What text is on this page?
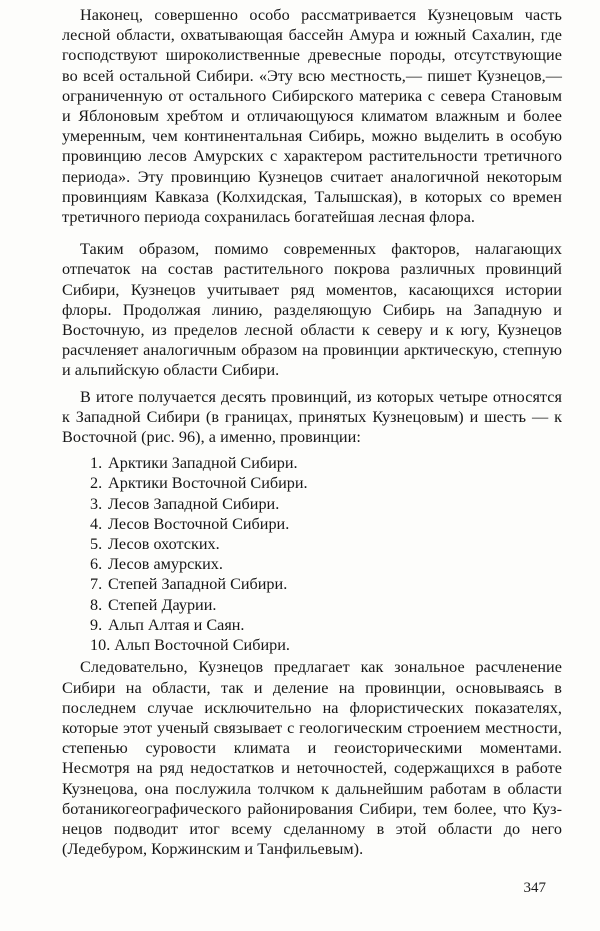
Наконец, совершенно особо рассматривается Кузнецовым часть лесной области, охватывающая бассейн Амура и южный Сахалин, где господствуют широколиственные древесные породы, отсутствующие во всей остальной Сибири. «Эту всю местность,— пишет Кузнецов,— ограниченную от остального Сибирского материка с севера Становым и Яблоновым хребтом и отличающуюся климатом влажным и более умеренным, чем континентальная Сибирь, можно выделить в особую провинцию лесов Амурских с характером растительности третичного периода». Эту провинцию Кузнецов считает аналогичной некоторым провинциям Кавказа (Колхидская, Талышская), в которых со времен третичного периода сохранилась богатейшая лесная флора.

Таким образом, помимо современных факторов, налагающих отпечаток на состав растительного покрова различных провинций Сибири, Кузнецов учитывает ряд моментов, касающихся истории флоры. Продолжая линию, разделяющую Сибирь на Западную и Восточную, из пределов лесной области к северу и к югу, Кузнецов расчленяет аналогичным образом на провинции арктическую, степную и альпийскую области Сибири.

В итоге получается десять провинций, из которых четыре относятся к Западной Сибири (в границах, принятых Кузнецовым) и шесть — к Восточной (рис. 96), а именно, провинции:

1. Арктики Западной Сибири.
2. Арктики Восточной Сибири.
3. Лесов Западной Сибири.
4. Лесов Восточной Сибири.
5. Лесов охотских.
6. Лесов амурских.
7. Степей Западной Сибири.
8. Степей Даурии.
9. Альп Алтая и Саян.
10. Альп Восточной Сибири.

Следовательно, Кузнецов предлагает как зональное расчленение Сибири на области, так и деление на провинции, основываясь в последнем случае исключительно на флористических показателях, которые этот ученый связывает с геологическим строением местности, степенью суровости климата и геоисторическими моментами. Несмотря на ряд недостатков и неточностей, содержащихся в работе Кузнецова, она послужила толчком к дальнейшим работам в области ботаникогеографического районирования Сибири, тем более, что Кузнецов подводит итог всему сделанному в этой области до него (Ледебуром, Коржинским и Танфильевым).

347
